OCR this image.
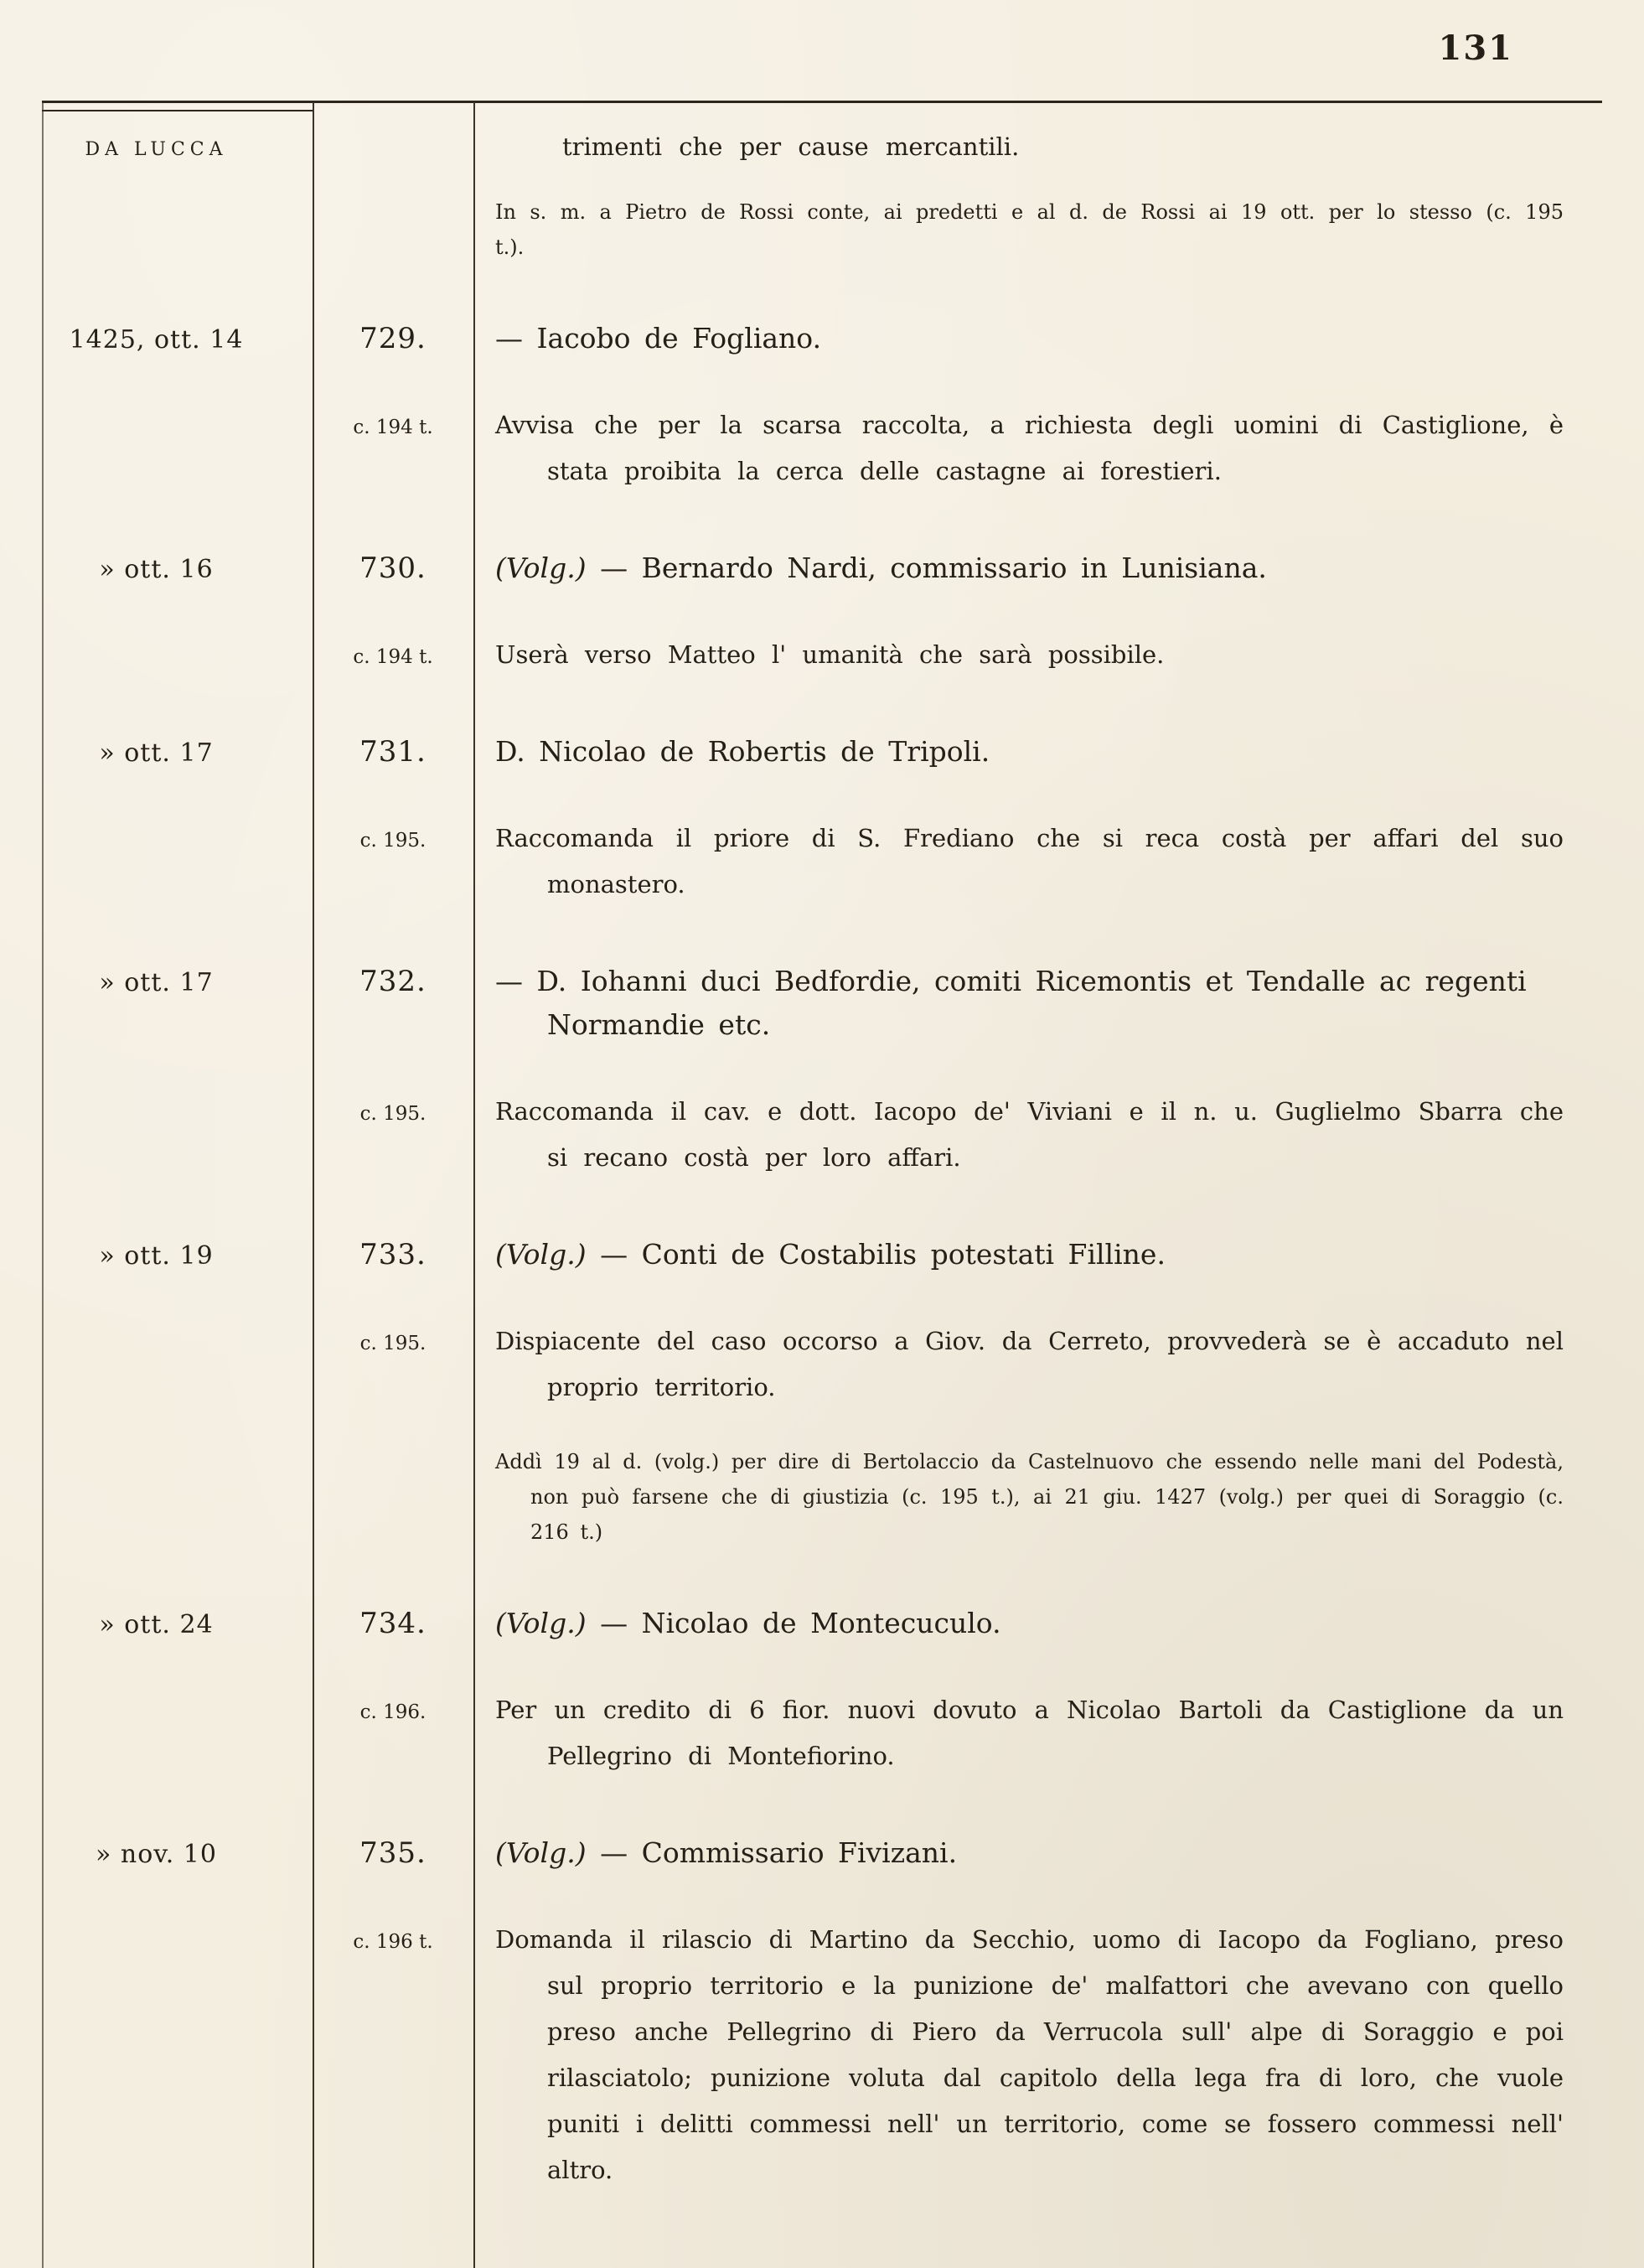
131
DA LUCCA	trimenti che per cause mercantili.
In s. m. a Pietro de Rossi conte, ai predetti e al d. de Rossi ai 19 ott. per lo stesso (c. 195 t.).
1425, ott. 14	729.	— Iacobo de Fogliano.
c. 194 t.	Avvisa che per la scarsa raccolta, a richiesta degli uomini di Castiglione, è stata proibita la cerca delle castagne ai forestieri.
» ott. 16	730.	(Volg.) — Bernardo Nardi, commissario in Lunisiana.
c. 194 t.	Userà verso Matteo l' umanità che sarà possibile.
» ott. 17	731.	D. Nicolao de Robertis de Tripoli.
c. 195.	Raccomanda il priore di S. Frediano che si reca costà per affari del suo monastero.
» ott. 17	732.	— D. Iohanni duci Bedfordie, comiti Ricemontis et Tendalle ac regenti Normandie etc.
c. 195.	Raccomanda il cav. e dott. Iacopo de' Viviani e il n. u. Guglielmo Sbarra che si recano costà per loro affari.
» ott. 19	733.	(Volg.) — Conti de Costabilis potestati Filline.
c. 195.	Dispiacente del caso occorso a Giov. da Cerreto, provvederà se è accaduto nel proprio territorio.
Addì 19 al d. (volg.) per dire di Bertolaccio da Castelnuovo che essendo nelle mani del Podestà, non può farsene che di giustizia (c. 195 t.), ai 21 giu. 1427 (volg.) per quei di Soraggio (c. 216 t.)
» ott. 24	734.	(Volg.) — Nicolao de Montecuculo.
c. 196.	Per un credito di 6 fior. nuovi dovuto a Nicolao Bartoli da Castiglione da un Pellegrino di Montefiorino.
» nov. 10	735.	(Volg.) — Commissario Fivizani.
c. 196 t.	Domanda il rilascio di Martino da Secchio, uomo di Iacopo da Fogliano, preso sul proprio territorio e la punizione de' malfattori che avevano con quello preso anche Pellegrino di Piero da Verrucola sull' alpe di Soraggio e poi rilasciatolo; punizione voluta dal capitolo della lega fra di loro, che vuole puniti i delitti commessi nell' un territorio, come se fossero commessi nell' altro.
